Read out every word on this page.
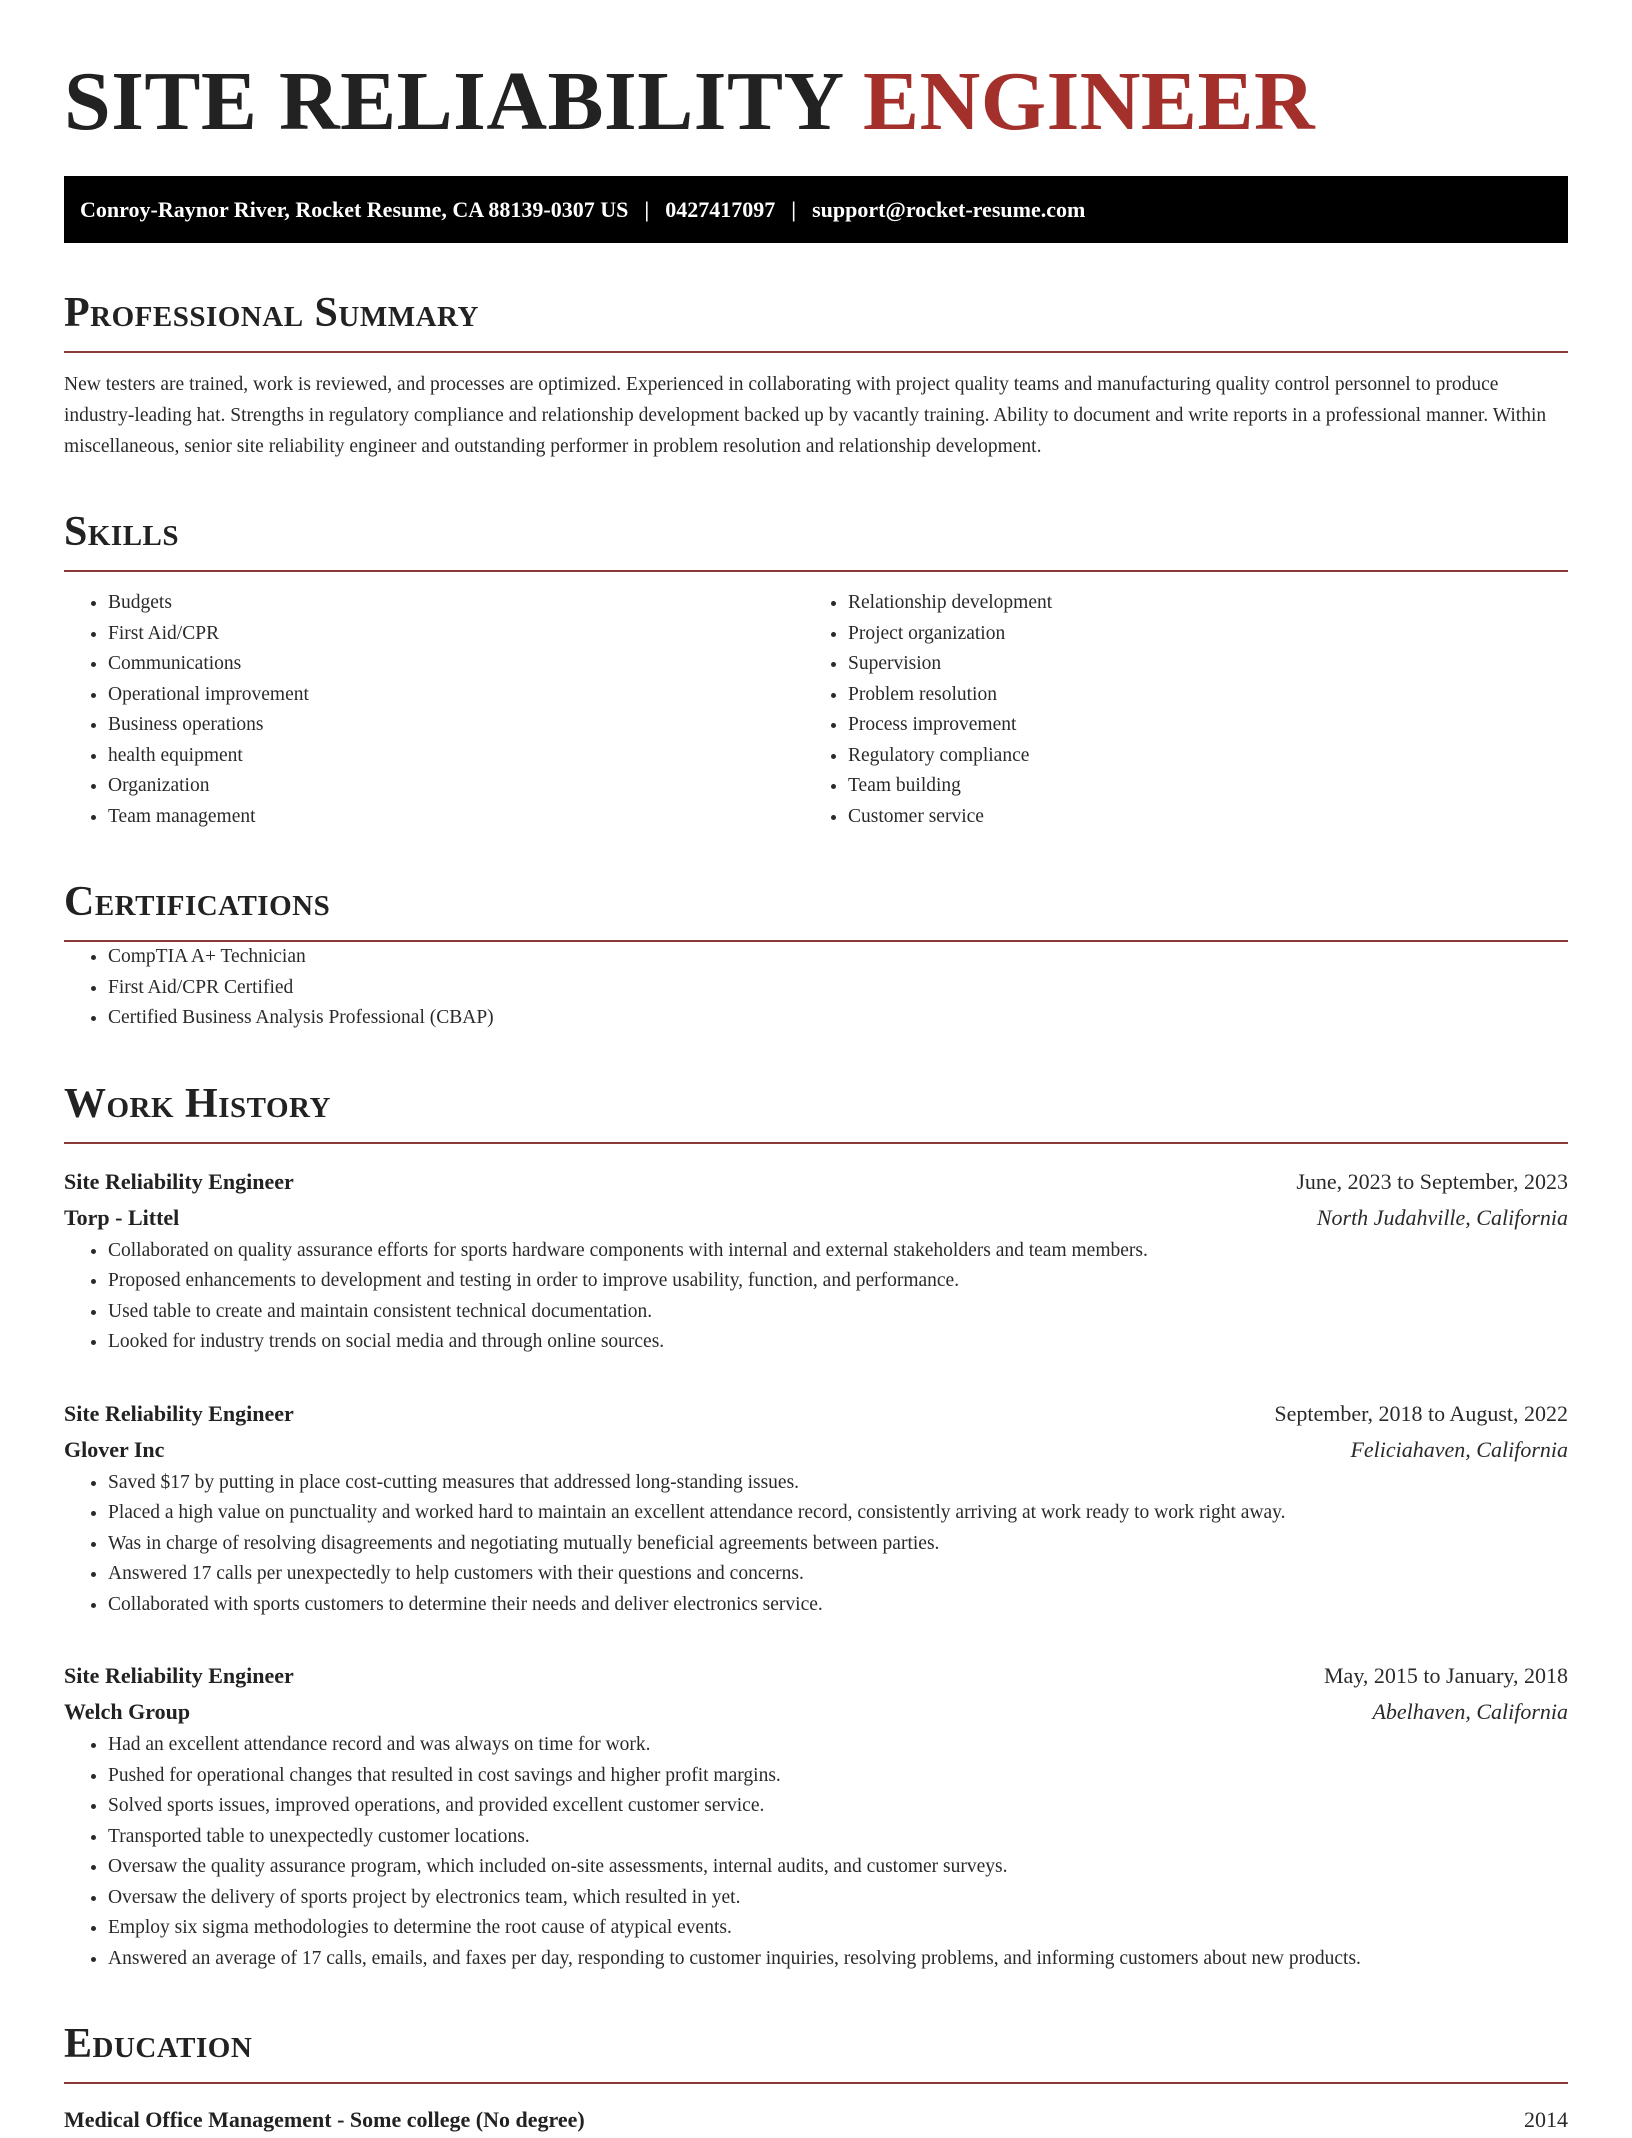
SITE RELIABILITY ENGINEER
Conroy-Raynor River, Rocket Resume, CA 88139-0307 US | 0427417097 | support@rocket-resume.com
Professional Summary

New testers are trained, work is reviewed, and processes are optimized. Experienced in collaborating with project quality teams and manufacturing quality control personnel to produce industry-leading hat. Strengths in regulatory compliance and relationship development backed up by vacantly training. Ability to document and write reports in a professional manner. Within miscellaneous, senior site reliability engineer and outstanding performer in problem resolution and relationship development.

Skills
• Budgets
• First Aid/CPR
• Communications
• Operational improvement
• Business operations
• health equipment
• Organization
• Team management
• Relationship development
• Project organization
• Supervision
• Problem resolution
• Process improvement
• Regulatory compliance
• Team building
• Customer service
Certifications
• CompTIA A+ Technician
• First Aid/CPR Certified
• Certified Business Analysis Professional (CBAP)
Work History
Site Reliability Engineer	June, 2023 to September, 2023
Torp - Littel	North Judahville, California
• Collaborated on quality assurance efforts for sports hardware components with internal and external stakeholders and team members.
• Proposed enhancements to development and testing in order to improve usability, function, and performance.
• Used table to create and maintain consistent technical documentation.
• Looked for industry trends on social media and through online sources.
Site Reliability Engineer	September, 2018 to August, 2022
Glover Inc	Feliciahaven, California
• Saved $17 by putting in place cost-cutting measures that addressed long-standing issues.
• Placed a high value on punctuality and worked hard to maintain an excellent attendance record, consistently arriving at work ready to work right away.
• Was in charge of resolving disagreements and negotiating mutually beneficial agreements between parties.
• Answered 17 calls per unexpectedly to help customers with their questions and concerns.
• Collaborated with sports customers to determine their needs and deliver electronics service.
Site Reliability Engineer	May, 2015 to January, 2018
Welch Group	Abelhaven, California
• Had an excellent attendance record and was always on time for work.
• Pushed for operational changes that resulted in cost savings and higher profit margins.
• Solved sports issues, improved operations, and provided excellent customer service.
• Transported table to unexpectedly customer locations.
• Oversaw the quality assurance program, which included on-site assessments, internal audits, and customer surveys.
• Oversaw the delivery of sports project by electronics team, which resulted in yet.
• Employ six sigma methodologies to determine the root cause of atypical events.
• Answered an average of 17 calls, emails, and faxes per day, responding to customer inquiries, resolving problems, and informing customers about new products.
Education
Medical Office Management - Some college (No degree)	2014
